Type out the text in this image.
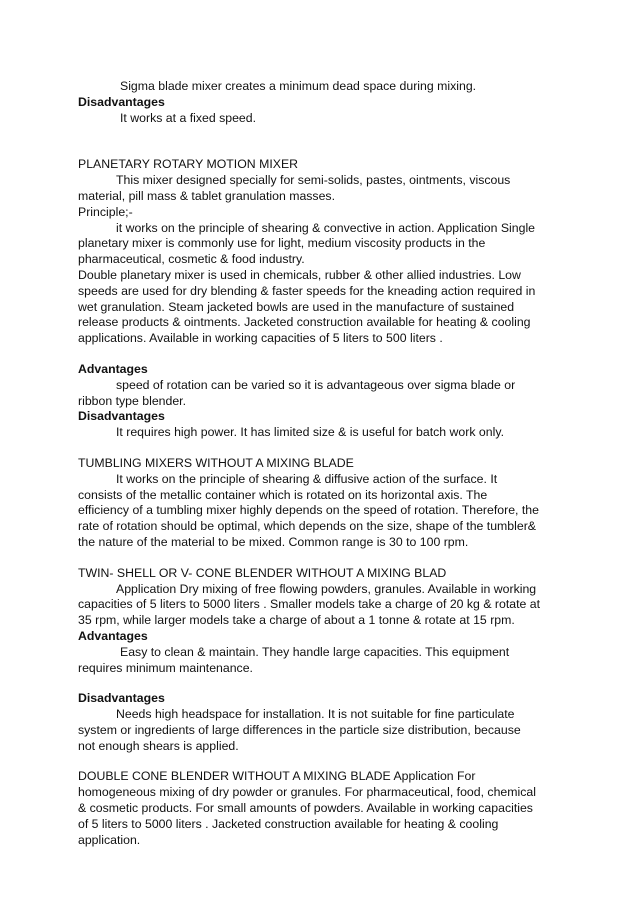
Sigma blade mixer creates a minimum dead space during mixing.
Disadvantages
It works at a fixed speed.
PLANETARY ROTARY MOTION MIXER
This mixer designed specially for semi-solids, pastes, ointments, viscous
material, pill mass & tablet granulation masses.
Principle;-
it works on the principle of shearing & convective in action. Application Single
planetary mixer is commonly use for light, medium viscosity products in the
pharmaceutical, cosmetic & food industry.
Double planetary mixer is used in chemicals, rubber & other allied industries. Low
speeds are used for dry blending & faster speeds for the kneading action required in
wet granulation. Steam jacketed bowls are used in the manufacture of sustained
release products & ointments. Jacketed construction available for heating & cooling
applications. Available in working capacities of 5 liters to 500 liters .
Advantages
speed of rotation can be varied so it is advantageous over sigma blade or
ribbon type blender.
Disadvantages
It requires high power. It has limited size & is useful for batch work only.
TUMBLING MIXERS WITHOUT A MIXING BLADE
It works on the principle of shearing & diffusive action of the surface. It
consists of the metallic container which is rotated on its horizontal axis. The
efficiency of a tumbling mixer highly depends on the speed of rotation. Therefore, the
rate of rotation should be optimal, which depends on the size, shape of the tumbler&
the nature of the material to be mixed. Common range is 30 to 100 rpm.
TWIN- SHELL OR V- CONE BLENDER WITHOUT A MIXING BLAD
Application Dry mixing of free flowing powders, granules. Available in working
capacities of 5 liters to 5000 liters . Smaller models take a charge of 20 kg & rotate at
35 rpm, while larger models take a charge of about a 1 tonne & rotate at 15 rpm.
Advantages
Easy to clean & maintain. They handle large capacities. This equipment
requires minimum maintenance.
Disadvantages
Needs high headspace for installation. It is not suitable for fine particulate
system or ingredients of large differences in the particle size distribution, because
not enough shears is applied.
DOUBLE CONE BLENDER WITHOUT A MIXING BLADE Application For
homogeneous mixing of dry powder or granules. For pharmaceutical, food, chemical
& cosmetic products. For small amounts of powders. Available in working capacities
of 5 liters to 5000 liters . Jacketed construction available for heating & cooling
application.
